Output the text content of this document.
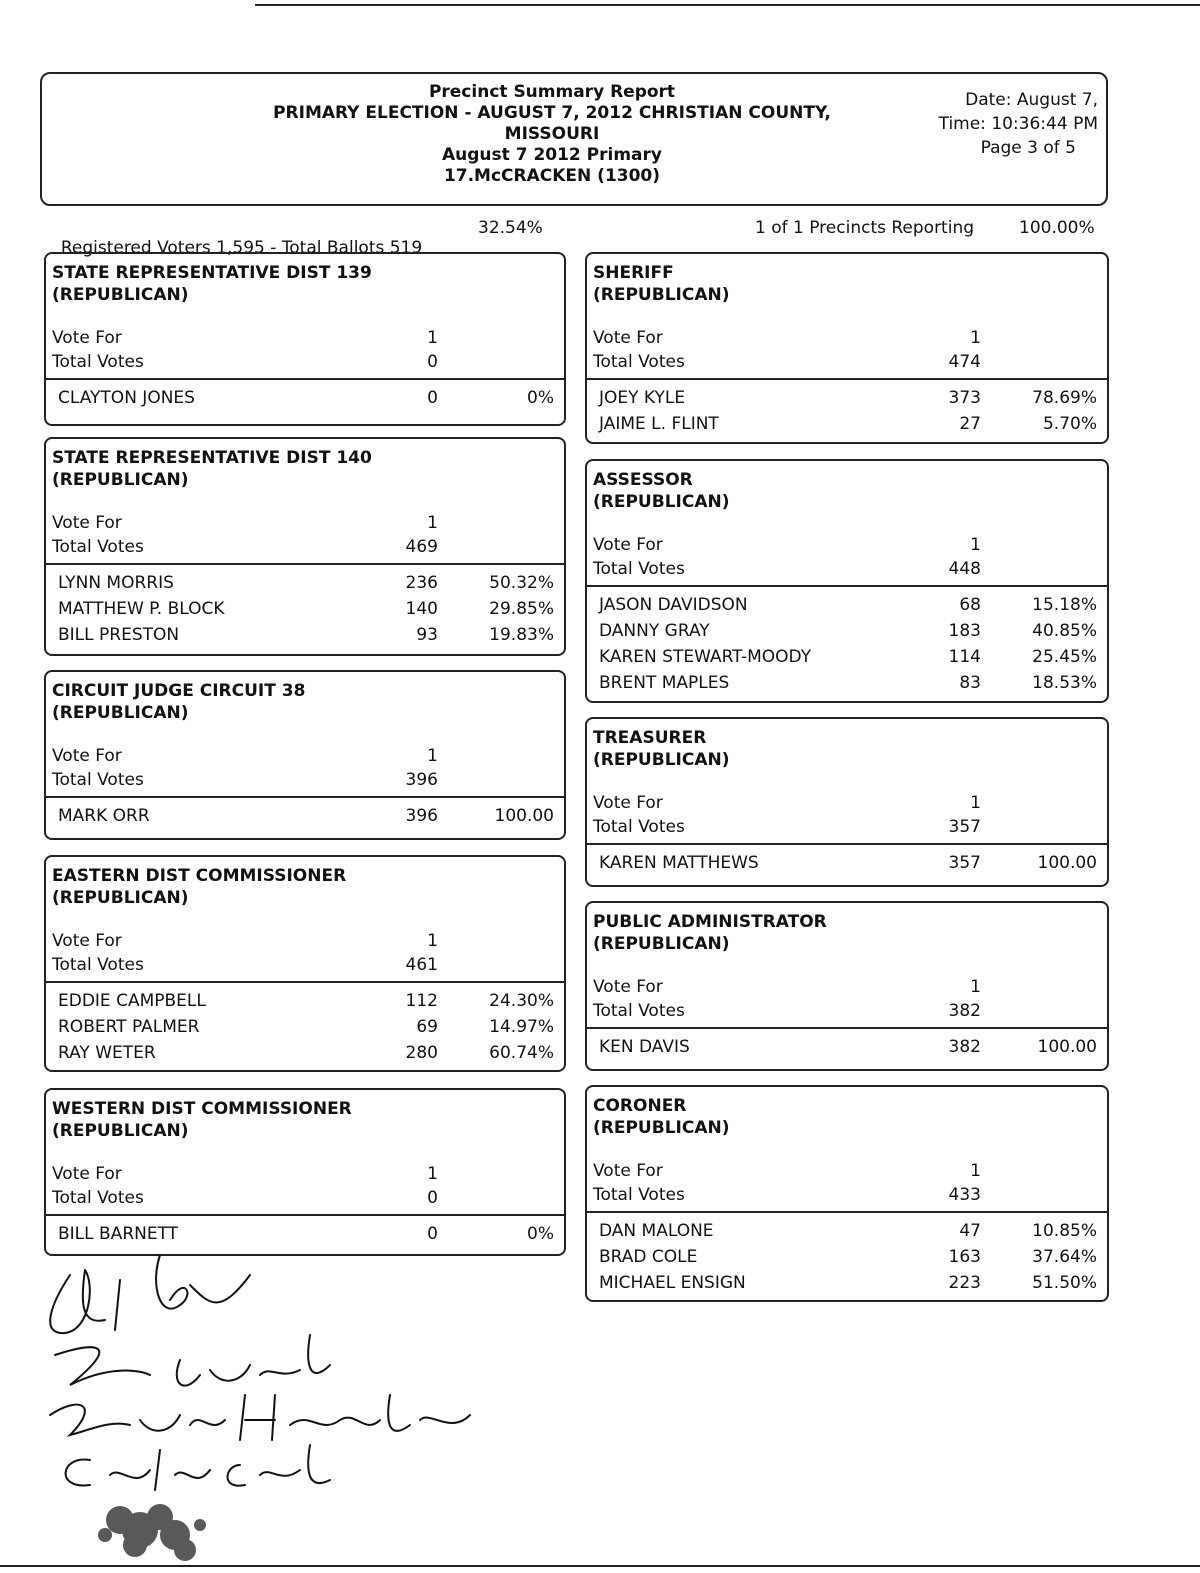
Precinct Summary Report
PRIMARY ELECTION - AUGUST 7, 2012 CHRISTIAN COUNTY,
MISSOURI
August 7 2012 Primary
17.McCRACKEN (1300)
Date: August 7,
Time: 10:36:44 PM
Page 3 of 5

Registered Voters 1,595 - Total Ballots 519

32.54%	1 of 1 Precincts Reporting	100.00%
STATE REPRESENTATIVE DIST 139
(REPUBLICAN)
Vote For	1
Total Votes	0
CLAYTON JONES	0	0%
STATE REPRESENTATIVE DIST 140
(REPUBLICAN)
Vote For	1
Total Votes	469
LYNN MORRIS	236	50.32%
MATTHEW P. BLOCK	140	29.85%
BILL PRESTON	93	19.83%
CIRCUIT JUDGE CIRCUIT 38
(REPUBLICAN)
Vote For	1
Total Votes	396
MARK ORR	396	100.00
EASTERN DIST COMMISSIONER
(REPUBLICAN)
Vote For	1
Total Votes	461
EDDIE CAMPBELL	112	24.30%
ROBERT PALMER	69	14.97%
RAY WETER	280	60.74%
WESTERN DIST COMMISSIONER
(REPUBLICAN)
Vote For	1
Total Votes	0
BILL BARNETT	0	0%
SHERIFF
(REPUBLICAN)
Vote For	1
Total Votes	474
JOEY KYLE	373	78.69%
JAIME L. FLINT	27	5.70%
ASSESSOR
(REPUBLICAN)
Vote For	1
Total Votes	448
JASON DAVIDSON	68	15.18%
DANNY GRAY	183	40.85%
KAREN STEWART-MOODY	114	25.45%
BRENT MAPLES	83	18.53%
TREASURER
(REPUBLICAN)
Vote For	1
Total Votes	357
KAREN MATTHEWS	357	100.00
PUBLIC ADMINISTRATOR
(REPUBLICAN)
Vote For	1
Total Votes	382
KEN DAVIS	382	100.00
CORONER
(REPUBLICAN)
Vote For	1
Total Votes	433
DAN MALONE	47	10.85%
BRAD COLE	163	37.64%
MICHAEL ENSIGN	223	51.50%
